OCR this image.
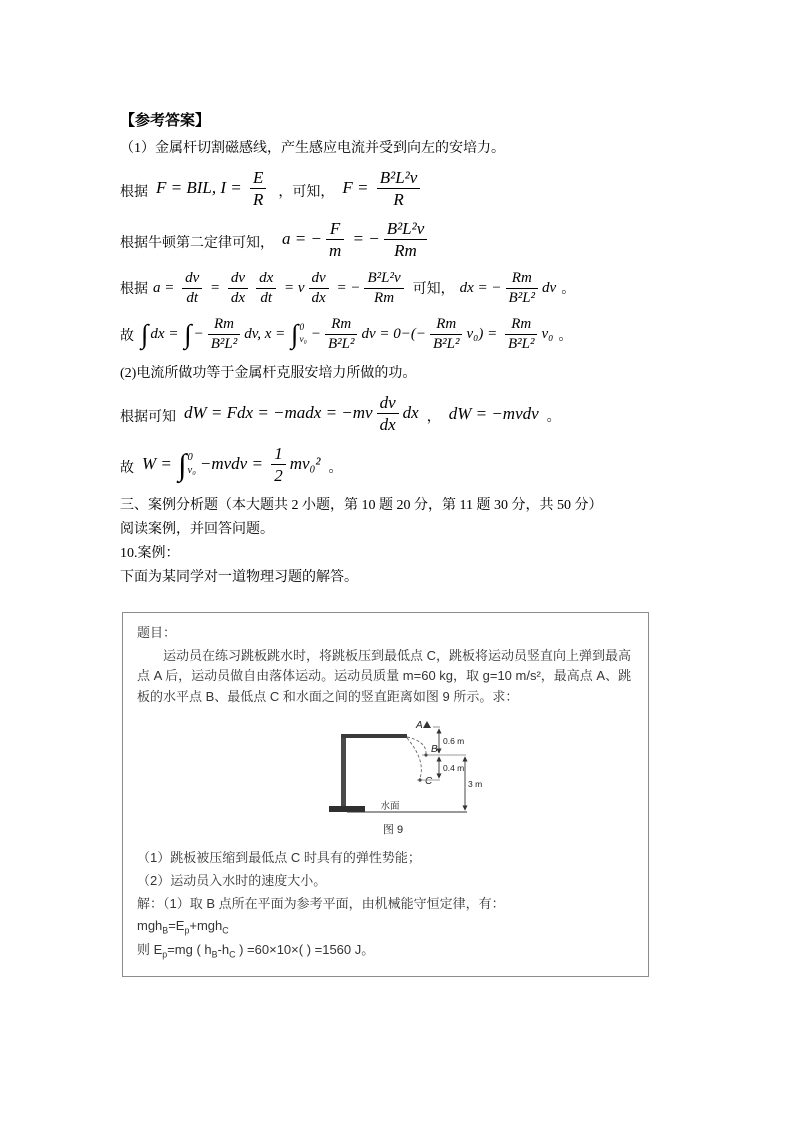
【参考答案】
（1）金属杆切割磁感线，产生感应电流并受到向左的安培力。
根据 F = BIL, $I = \frac{E}{R}$ ，可知， $F = \frac{\text{B²L²v}}{R}$
根据牛顿第二定律可知， a = − $\frac{F}{m}$ = − $\frac{\text{B²L²v}}{Rm}$
根据 $a = \frac{dv}{dt} = \frac{dv}{dx} \frac{dx}{dt} = v \frac{dv}{dx}$ = − $\frac{\text{B²L²v}}{Rm}$ 可知， dx = − $\frac{Rm}{\text{B²L²}}$ dv 。
故 ∫ dx = ∫ − $\frac{Rm}{\text{B²L²}}$ dv, x = ∫ 0
$v_0 - \frac{Rm}{\text{B²L²}}$ dv = $0-(- \frac{Rm}{\text{B²L²}} v_0) = \frac{Rm}{\text{B²L²}} v_0$ 。
(2)电流所做功等于金属杆克服安培力所做的功。
根据可知 dW = Fdx = −madx = $-mv \frac{dv}{dx}$ dx ， dW = −mvdv 。
故 W = ∫ 0
v₀ −mvdv = $\frac{1}{2} mv_0^2$ 。
三、案例分析题（本大题共 2 小题，第 10 题 20 分，第 11 题 30 分，共 50 分）
阅读案例，并回答问题。
10.案例：
下面为某同学对一道物理习题的解答。
题目：
运动员在练习跳板跳水时，将跳板压到最低点 C，跳板将运动员竖直向上弹到最高点 A 后，运动员做自由落体运动。运动员质量 m=60 kg，取 g=10 m/s²，最高点 A、跳板的水平点 B、最低点 C 和水面之间的竖直距离如图 9 所示。求：
A
B
C
0.6 m
0.4 m
3 m
水面
图 9
（1）跳板被压缩到最低点 C 时具有的弹性势能；
（2）运动员入水时的速度大小。
解：（1）取 B 点所在平面为参考平面，由机械能守恒定律，有：
$mgh_B=E_p+mgh_C$
则 $E_p=mg$ ( $h_B-h_C$ ) =60×10×( ) =1560 J。
